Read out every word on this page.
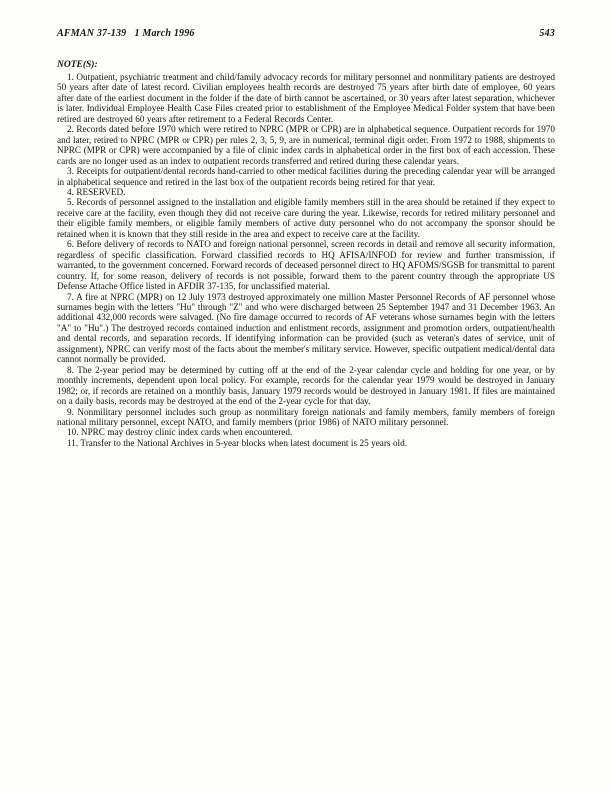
AFMAN 37-139   1 March 1996	543

NOTE(S):

1. Outpatient, psychiatric treatment and child/family advocacy records for military personnel and nonmilitary patients are destroyed 50 years after date of latest record. Civilian employees health records are destroyed 75 years after birth date of employee, 60 years after date of the earliest document in the folder if the date of birth cannot be ascertained, or 30 years after latest separation, whichever is later. Individual Employee Health Case Files created prior to establishment of the Employee Medical Folder system that have been retired are destroyed 60 years after retirement to a Federal Records Center.

2. Records dated before 1970 which were retired to NPRC (MPR or CPR) are in alphabetical sequence. Outpatient records for 1970 and later, retired to NPRC (MPR or CPR) per rules 2, 3, 5, 9, are in numerical, terminal digit order. From 1972 to 1988, shipments to NPRC (MPR or CPR) were accompanied by a file of clinic index cards in alphabetical order in the first box of each accession. These cards are no longer used as an index to outpatient records transferred and retired during these calendar years.

3. Receipts for outpatient/dental records hand-carried to other medical facilities during the preceding calendar year will be arranged in alphabetical sequence and retired in the last box of the outpatient records being retired for that year.

4. RESERVED.

5. Records of personnel assigned to the installation and eligible family members still in the area should be retained if they expect to receive care at the facility, even though they did not receive care during the year. Likewise, records for retired military personnel and their eligible family members, or eligible family members of active duty personnel who do not accompany the sponsor should be retained when it is known that they still reside in the area and expect to receive care at the facility.

6. Before delivery of records to NATO and foreign national personnel, screen records in detail and remove all security information, regardless of specific classification. Forward classified records to HQ AFISA/INFOD for review and further transmission, if warranted, to the government concerned. Forward records of deceased personnel direct to HQ AFOMS/SGSB for transmittal to parent country. If, for some reason, delivery of records is not possible, forward them to the parent country through the appropriate US Defense Attache Office listed in AFDIR 37-135, for unclassified material.

7. A fire at NPRC (MPR) on 12 July 1973 destroyed approximately one million Master Personnel Records of AF personnel whose surnames begin with the letters "Hu" through "Z" and who were discharged between 25 September 1947 and 31 December 1963. An additional 432,000 records were salvaged. (No fire damage occurred to records of AF veterans whose surnames begin with the letters "A" to "Hu".) The destroyed records contained induction and enlistment records, assignment and promotion orders, outpatient/health and dental records, and separation records. If identifying information can be provided (such as veteran's dates of service, unit of assignment), NPRC can verify most of the facts about the member's military service. However, specific outpatient medical/dental data cannot normally be provided.

8. The 2-year period may be determined by cutting off at the end of the 2-year calendar cycle and holding for one year, or by monthly increments, dependent upon local policy. For example, records for the calendar year 1979 would be destroyed in January 1982; or, if records are retained on a monthly basis, January 1979 records would be destroyed in January 1981. If files are maintained on a daily basis, records may be destroyed at the end of the 2-year cycle for that day.

9. Nonmilitary personnel includes such group as nonmilitary foreign nationals and family members, family members of foreign national military personnel, except NATO, and family members (prior 1986) of NATO military personnel.

10. NPRC may destroy clinic index cards when encountered.

11. Transfer to the National Archives in 5-year blocks when latest document is 25 years old.
